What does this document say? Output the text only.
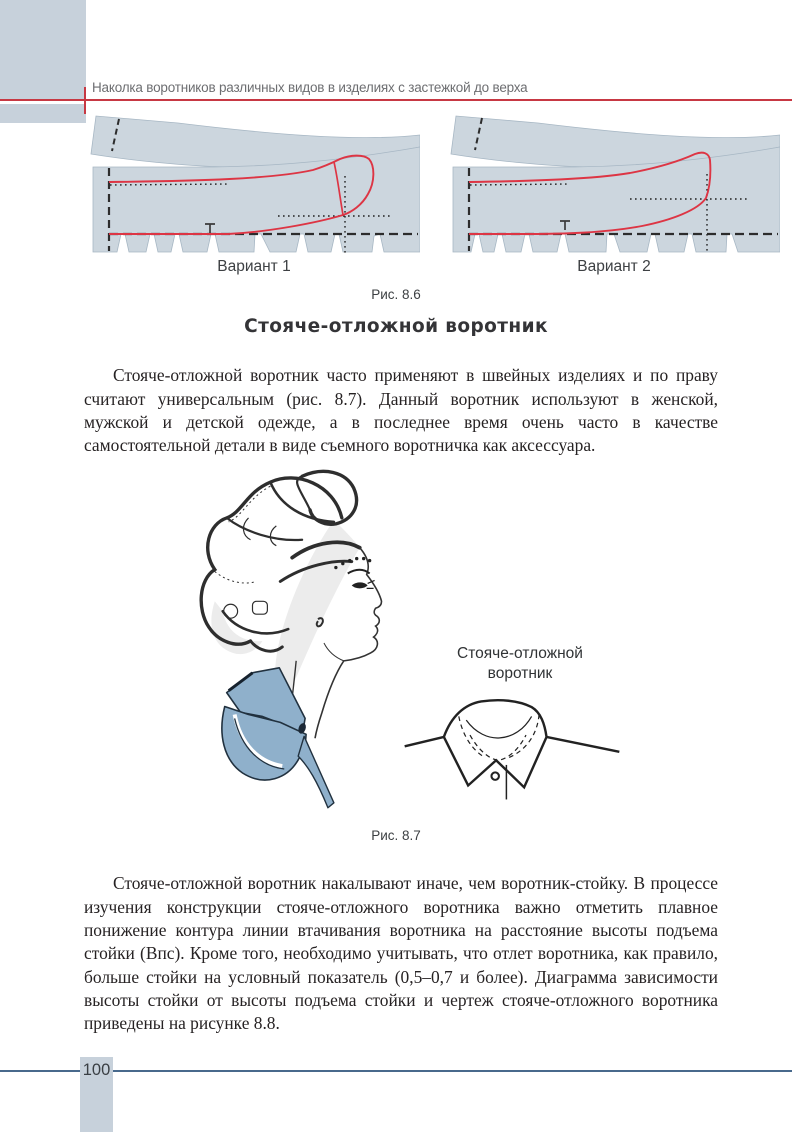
Наколка воротников различных видов в изделиях с застежкой до верха
Вариант 1	Вариант 2
Рис. 8.6
Стояче-отложной воротник

Стояче-отложной воротник часто применяют в швейных изделиях и по праву считают универсальным (рис. 8.7). Данный воротник используют в женской, мужской и детской одежде, а в последнее время очень часто в качестве самостоятельной детали в виде съемного воротничка как аксессуара.

Стояче-отложной
воротник
Рис. 8.7

Стояче-отложной воротник накалывают иначе, чем воротник-стойку. В процессе изучения конструкции стояче-отложного воротника важно отметить плавное понижение контура линии втачивания воротника на расстояние высоты подъема стойки (Впс). Кроме того, необходимо учитывать, что отлет воротника, как правило, больше стойки на условный показатель (0,5–0,7 и более). Диаграмма зависимости высоты стойки от высоты подъема стойки и чертеж стояче-отложного воротника приведены на рисунке 8.8.

100
